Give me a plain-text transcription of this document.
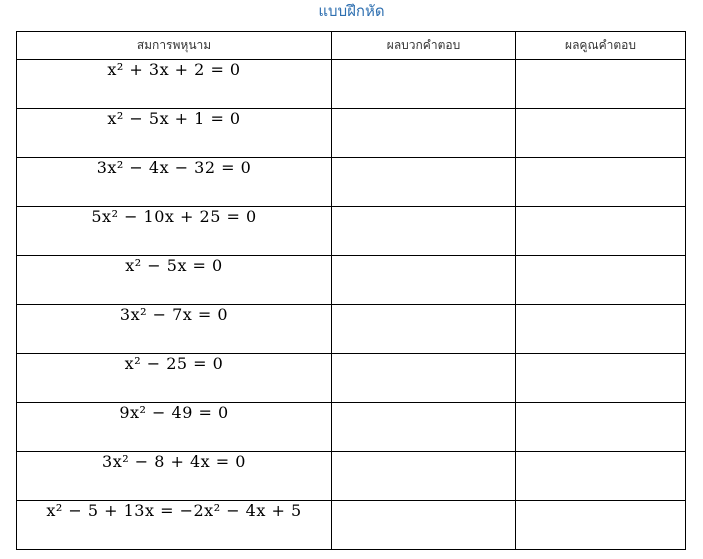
แบบฝึกหัด
สมการพหุนาม	ผลบวกคำตอบ	ผลคูณคำตอบ
x² + 3x + 2 = 0		
x² − 5x + 1 = 0		
3x² − 4x − 32 = 0		
5x² − 10x + 25 = 0		
x² − 5x = 0		
3x² − 7x = 0		
x² − 25 = 0		
9x² − 49 = 0		
3x² − 8 + 4x = 0		
x² − 5 + 13x = −2x² − 4x + 5		
